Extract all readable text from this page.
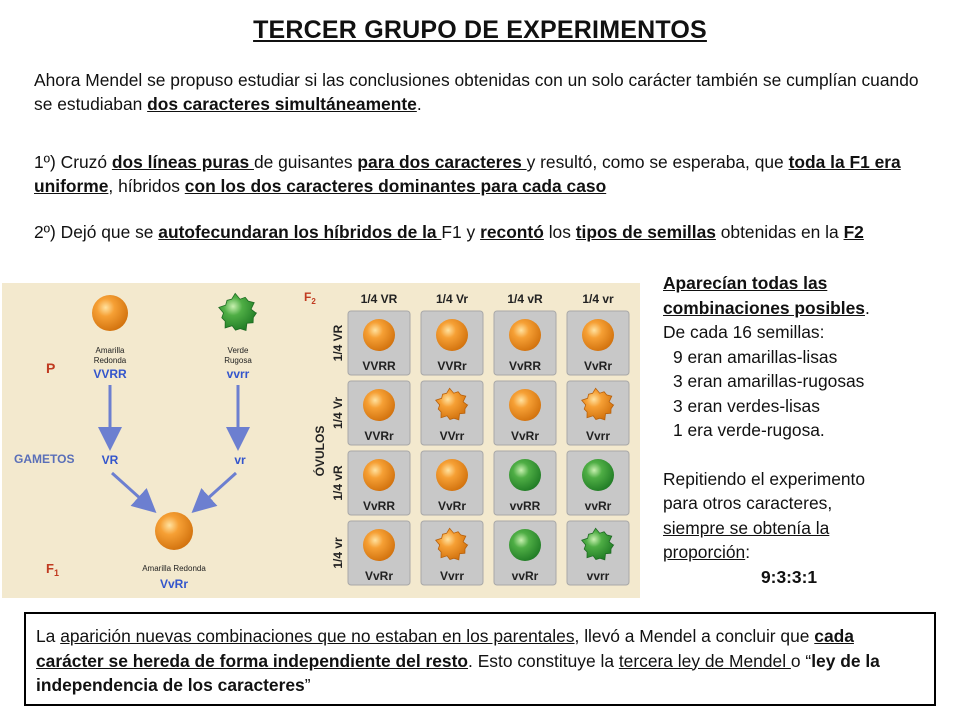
TERCER GRUPO DE EXPERIMENTOS
Ahora Mendel se propuso estudiar si las conclusiones obtenidas con un solo carácter también se cumplían cuando se estudiaban dos caracteres simultáneamente.
1º) Cruzó dos líneas puras de guisantes para dos caracteres y resultó, como se esperaba, que toda la F1 era uniforme, híbridos con los dos caracteres dominantes para cada caso
2º) Dejó que se autofecundaran los híbridos de la F1 y recontó los tipos de semillas obtenidas en la F2
P
GAMETOS
$F_1$
Amarilla
Redonda
VVRR
Verde
Rugosa
vvrr
VR	vr
Amarilla Redonda
VvRr
$F_2$
ÓVULOS
1/4 VR	1/4 Vr	1/4 vR	1/4 vr
1/4 VR
1/4 Vr
1/4 vR
1/4 vr
VVRR	VVRr	VvRR	VvRr
VVRr	VVrr	VvRr	Vvrr
VvRR	VvRr	vvRR	vvRr
VvRr	Vvrr	vvRr	vvrr
Aparecían todas las
combinaciones posibles.
De cada 16 semillas:
9 eran amarillas-lisas
3 eran amarillas-rugosas
3 eran verdes-lisas
1 era verde-rugosa.
Repitiendo el experimento
para otros caracteres,
siempre se obtenía la
proporción:
9:3:3:1
La aparición nuevas combinaciones que no estaban en los parentales, llevó a Mendel a concluir que cada carácter se hereda de forma independiente del resto. Esto constituye la tercera ley de Mendel o “ley de la independencia de los caracteres”
